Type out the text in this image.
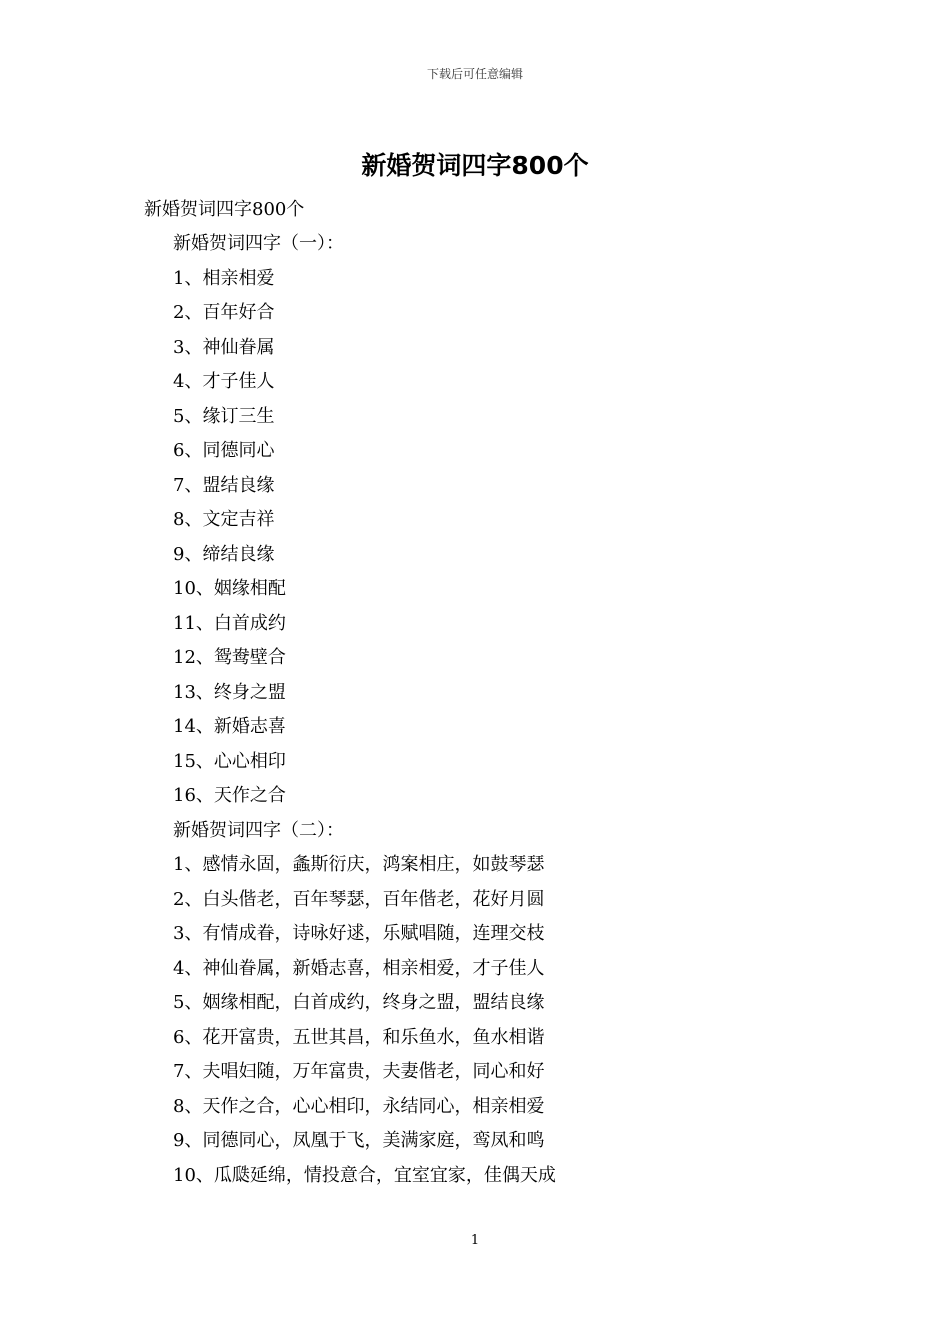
下载后可任意编辑
新婚贺词四字800个

新婚贺词四字800个

新婚贺词四字（一）：
1、相亲相爱
2、百年好合
3、神仙眷属
4、才子佳人
5、缘订三生
6、同德同心
7、盟结良缘
8、文定吉祥
9、缔结良缘
10、姻缘相配
11、白首成约
12、鸳鸯壁合
13、终身之盟
14、新婚志喜
15、心心相印
16、天作之合
新婚贺词四字（二）：
1、感情永固，螽斯衍庆，鸿案相庄，如鼓琴瑟
2、白头偕老，百年琴瑟，百年偕老，花好月圆
3、有情成眷，诗咏好逑，乐赋唱随，连理交枝
4、神仙眷属，新婚志喜，相亲相爱，才子佳人
5、姻缘相配，白首成约，终身之盟，盟结良缘
6、花开富贵，五世其昌，和乐鱼水，鱼水相谐
7、夫唱妇随，万年富贵，夫妻偕老，同心和好
8、天作之合，心心相印，永结同心，相亲相爱
9、同德同心，凤凰于飞，美满家庭，鸾凤和鸣
10、瓜瓞延绵，情投意合，宜室宜家，佳偶天成
1
